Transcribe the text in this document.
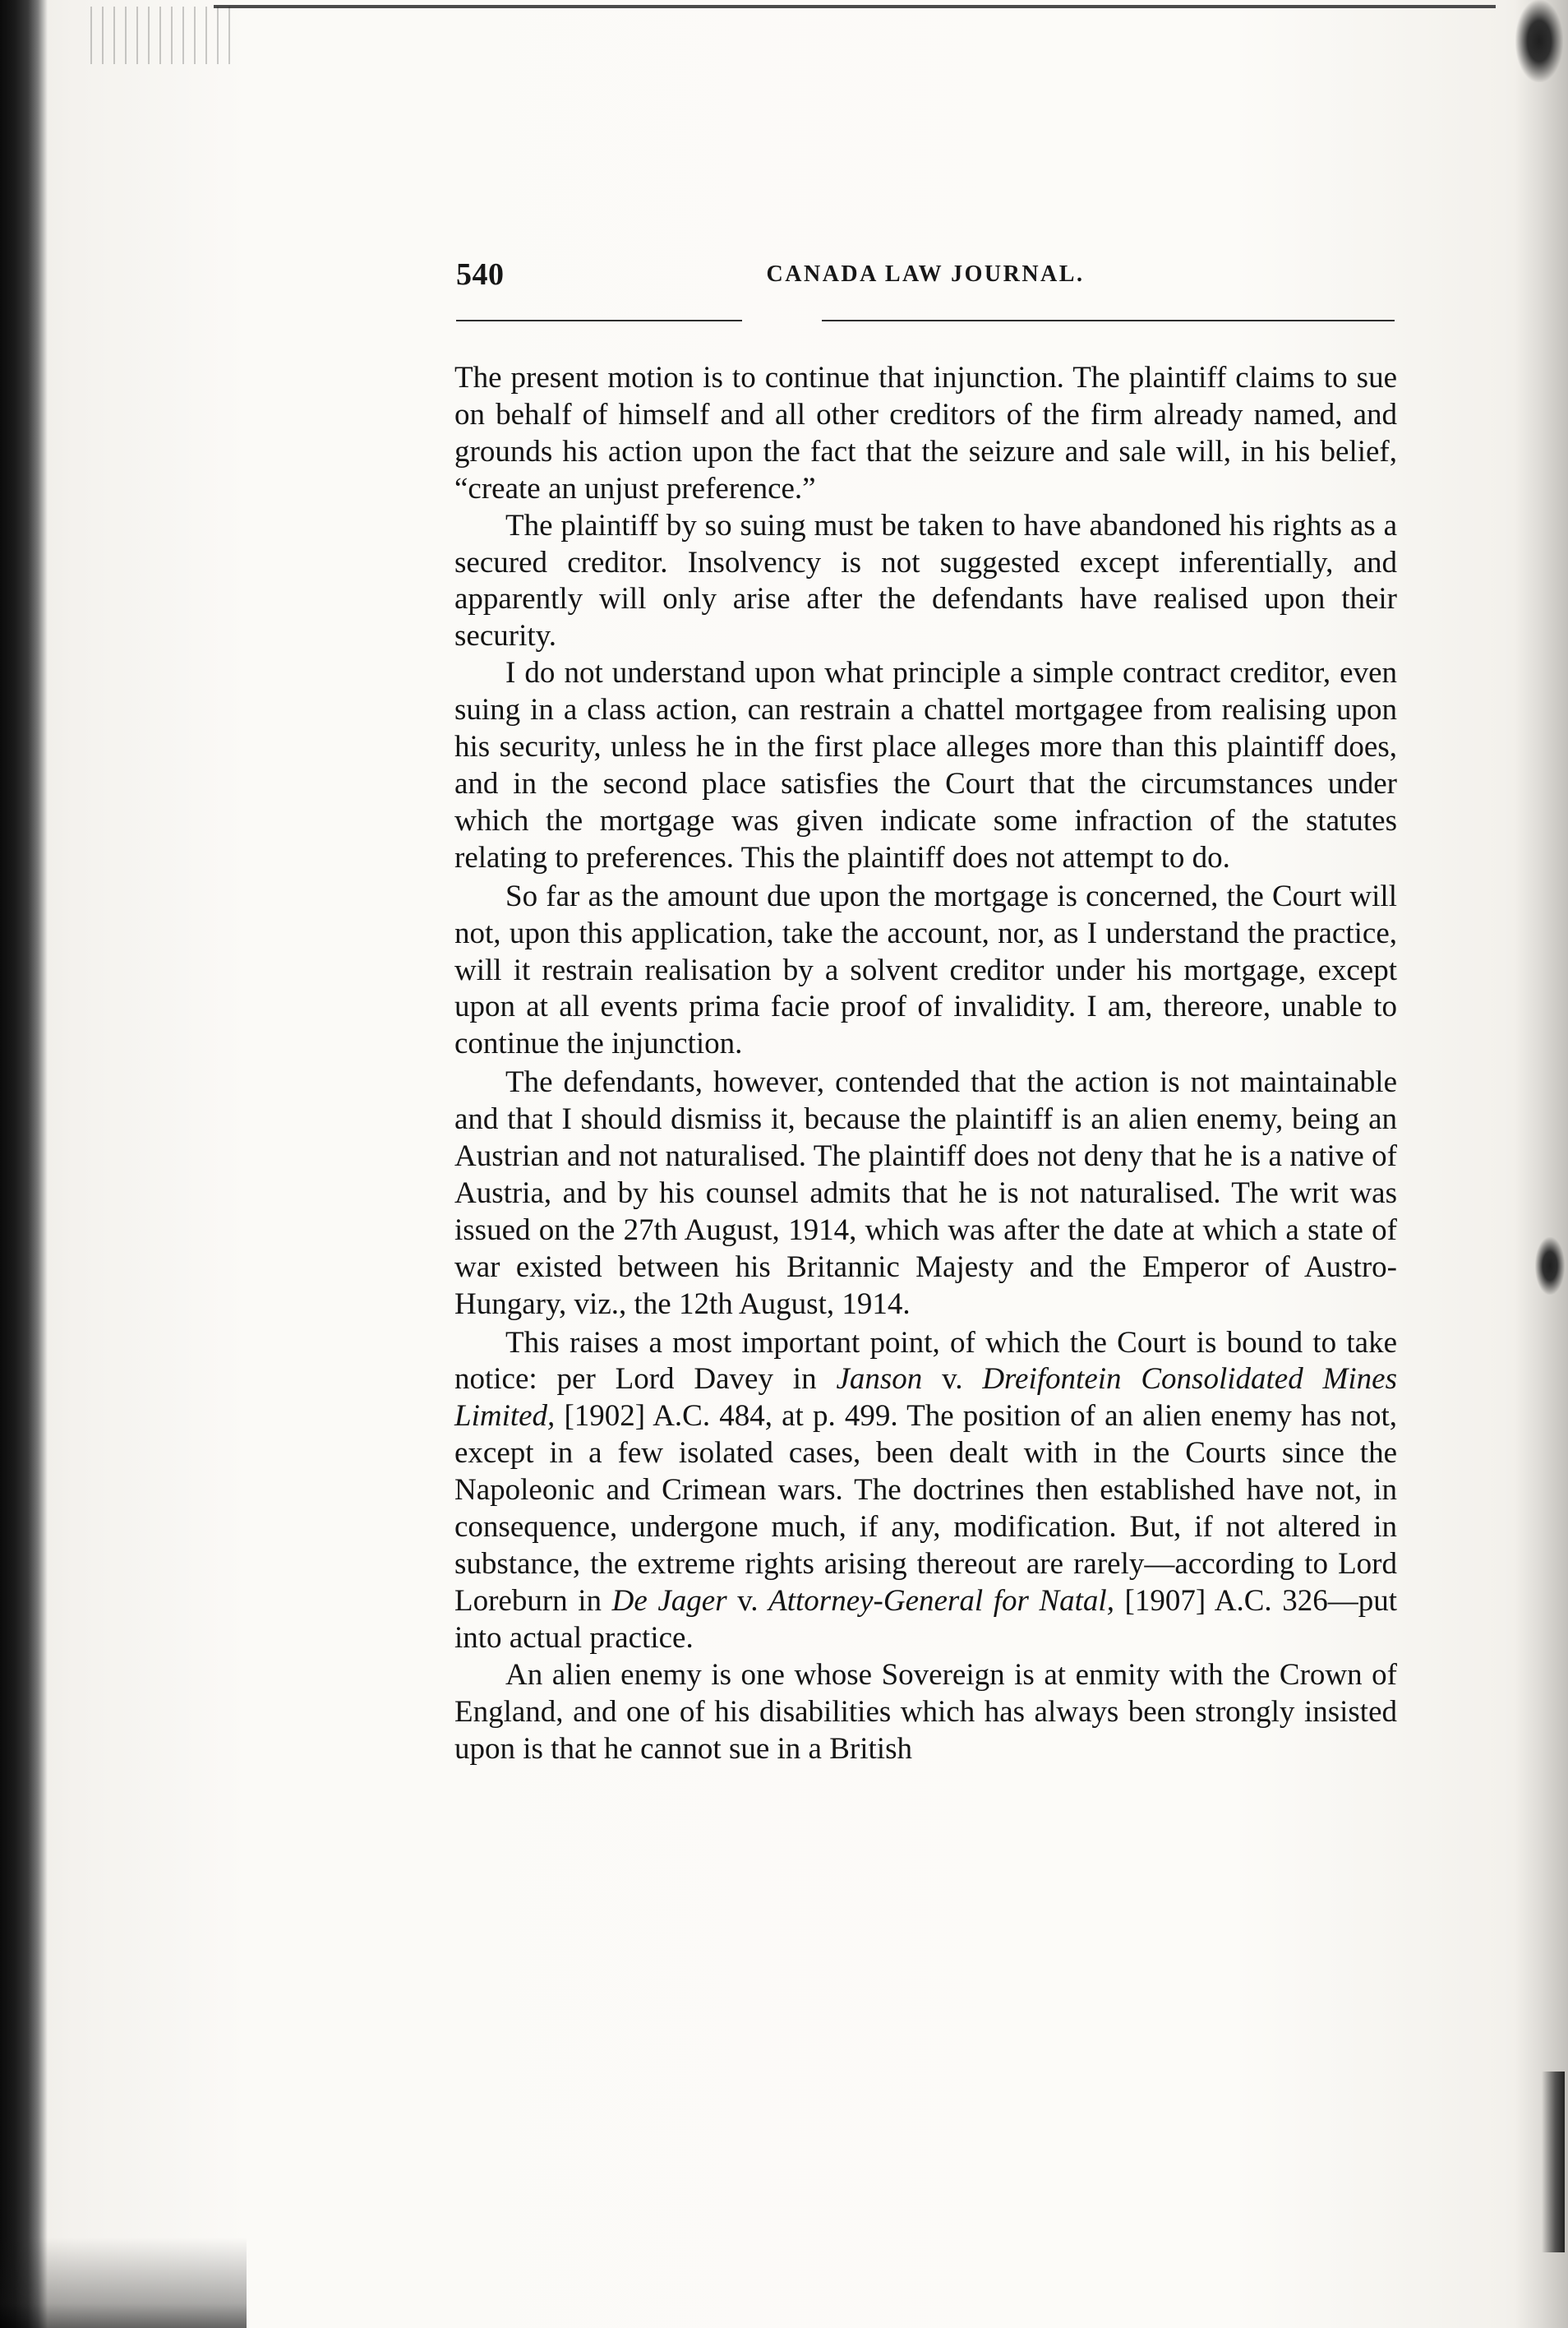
540	CANADA LAW JOURNAL.

The present motion is to continue that injunction. The plaintiff claims to sue on behalf of himself and all other creditors of the firm already named, and grounds his action upon the fact that the seizure and sale will, in his belief, “create an unjust preference.”

The plaintiff by so suing must be taken to have abandoned his rights as a secured creditor. Insolvency is not suggested except inferentially, and apparently will only arise after the defendants have realised upon their security.

I do not understand upon what principle a simple contract creditor, even suing in a class action, can restrain a chattel mortgagee from realising upon his security, unless he in the first place alleges more than this plaintiff does, and in the second place satisfies the Court that the circumstances under which the mortgage was given indicate some infraction of the statutes relating to preferences. This the plaintiff does not attempt to do.

So far as the amount due upon the mortgage is concerned, the Court will not, upon this application, take the account, nor, as I understand the practice, will it restrain realisation by a solvent creditor under his mortgage, except upon at all events prima facie proof of invalidity. I am, thereore, unable to continue the injunction.

The defendants, however, contended that the action is not maintainable and that I should dismiss it, because the plaintiff is an alien enemy, being an Austrian and not naturalised. The plaintiff does not deny that he is a native of Austria, and by his counsel admits that he is not naturalised. The writ was issued on the 27th August, 1914, which was after the date at which a state of war existed between his Britannic Majesty and the Emperor of Austro-Hungary, viz., the 12th August, 1914.

This raises a most important point, of which the Court is bound to take notice: per Lord Davey in Janson v. Dreifontein Consolidated Mines Limited, [1902] A.C. 484, at p. 499. The position of an alien enemy has not, except in a few isolated cases, been dealt with in the Courts since the Napoleonic and Crimean wars. The doctrines then established have not, in consequence, undergone much, if any, modification. But, if not altered in substance, the extreme rights arising thereout are rarely—according to Lord Loreburn in De Jager v. Attorney-General for Natal, [1907] A.C. 326—put into actual practice.

An alien enemy is one whose Sovereign is at enmity with the Crown of England, and one of his disabilities which has always been strongly insisted upon is that he cannot sue in a British
